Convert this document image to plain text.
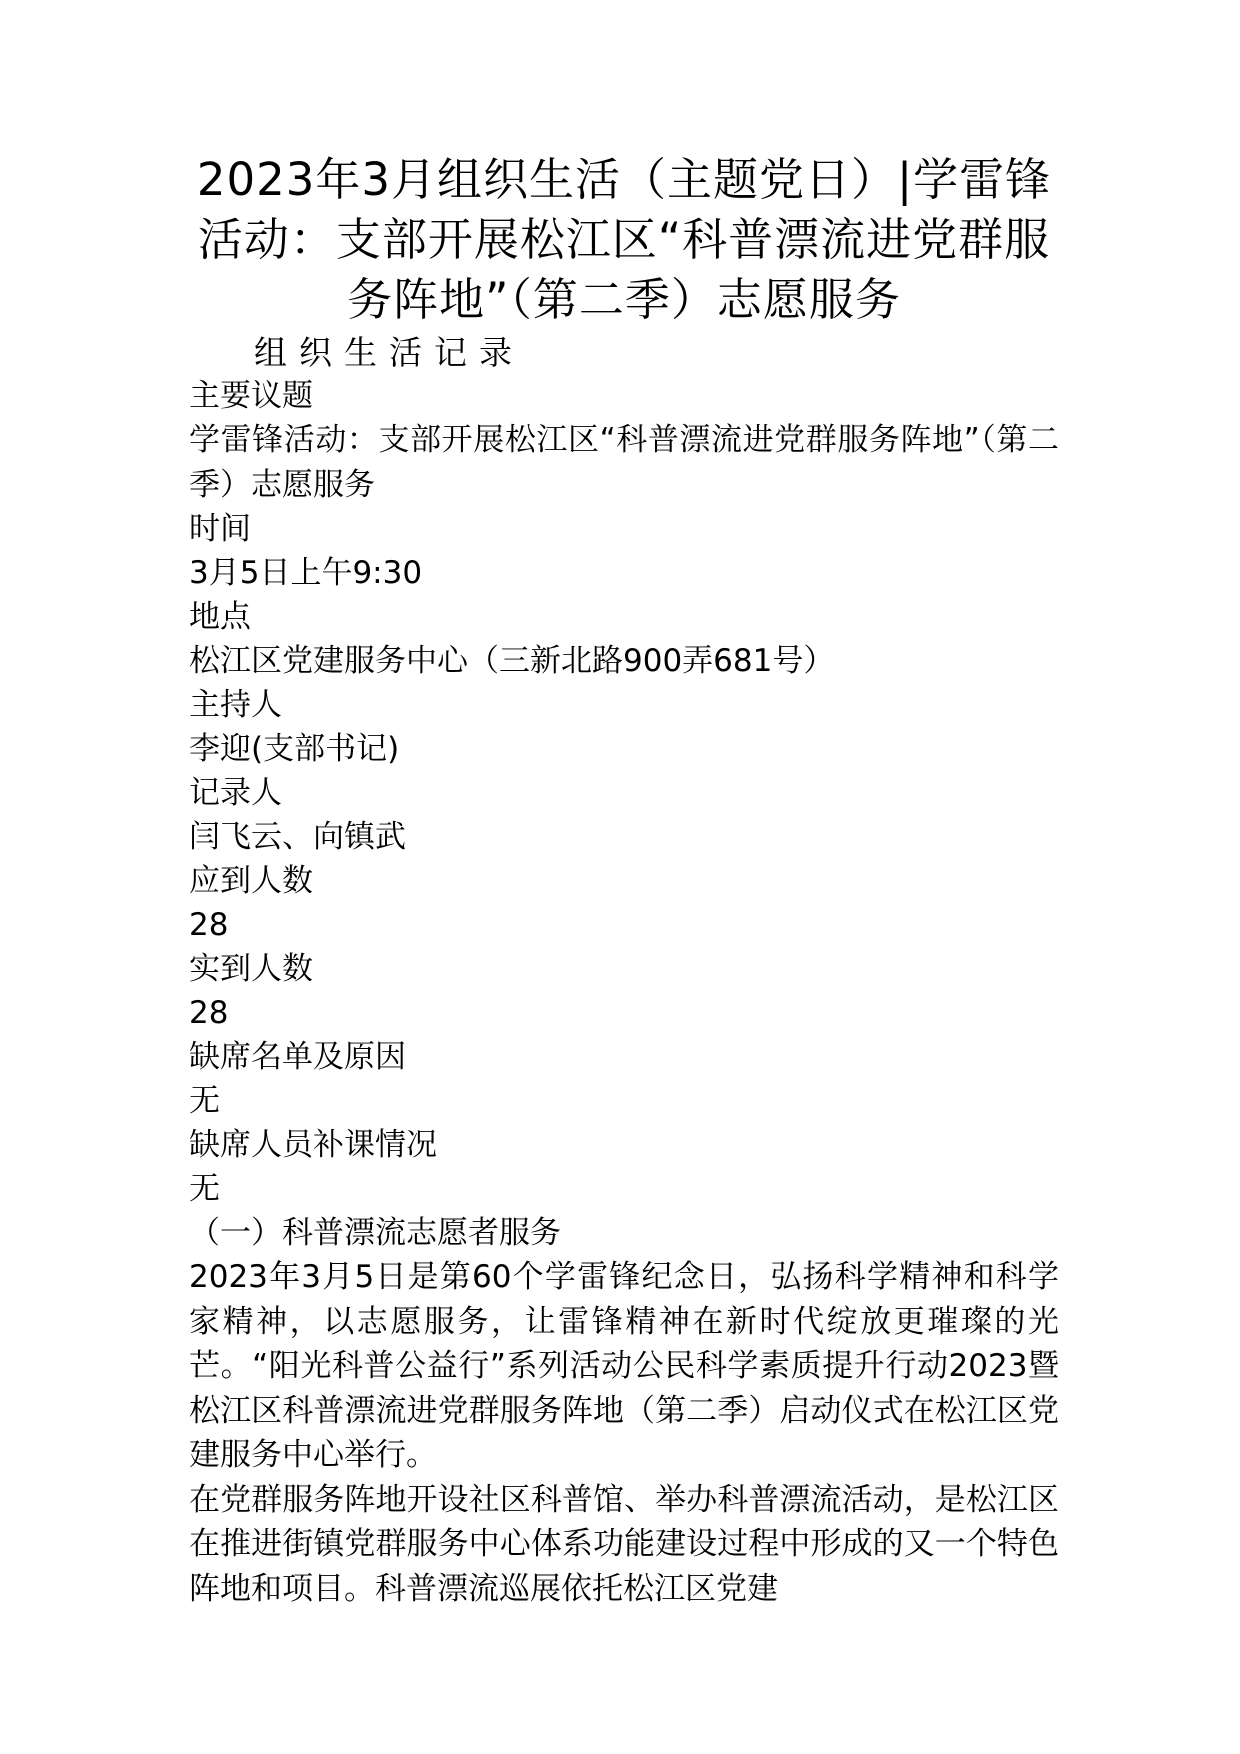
2023年3月组织生活（主题党日）|学雷锋活动：支部开展松江区“科普漂流进党群服务阵地”（第二季）志愿服务
组织生活记录
主要议题
学雷锋活动：支部开展松江区“科普漂流进党群服务阵地”（第二季）志愿服务
时间
3月5日上午9:30
地点
松江区党建服务中心（三新北路900弄681号）
主持人
李迎(支部书记)
记录人
闫飞云、向镇武
应到人数
28
实到人数
28
缺席名单及原因
无
缺席人员补课情况
无
（一）科普漂流志愿者服务

2023年3月5日是第60个学雷锋纪念日，弘扬科学精神和科学家精神，以志愿服务，让雷锋精神在新时代绽放更璀璨的光芒。“阳光科普公益行”系列活动公民科学素质提升行动2023暨松江区科普漂流进党群服务阵地（第二季）启动仪式在松江区党建服务中心举行。

在党群服务阵地开设社区科普馆、举办科普漂流活动，是松江区在推进街镇党群服务中心体系功能建设过程中形成的又一个特色阵地和项目。科普漂流巡展依托松江区党建
